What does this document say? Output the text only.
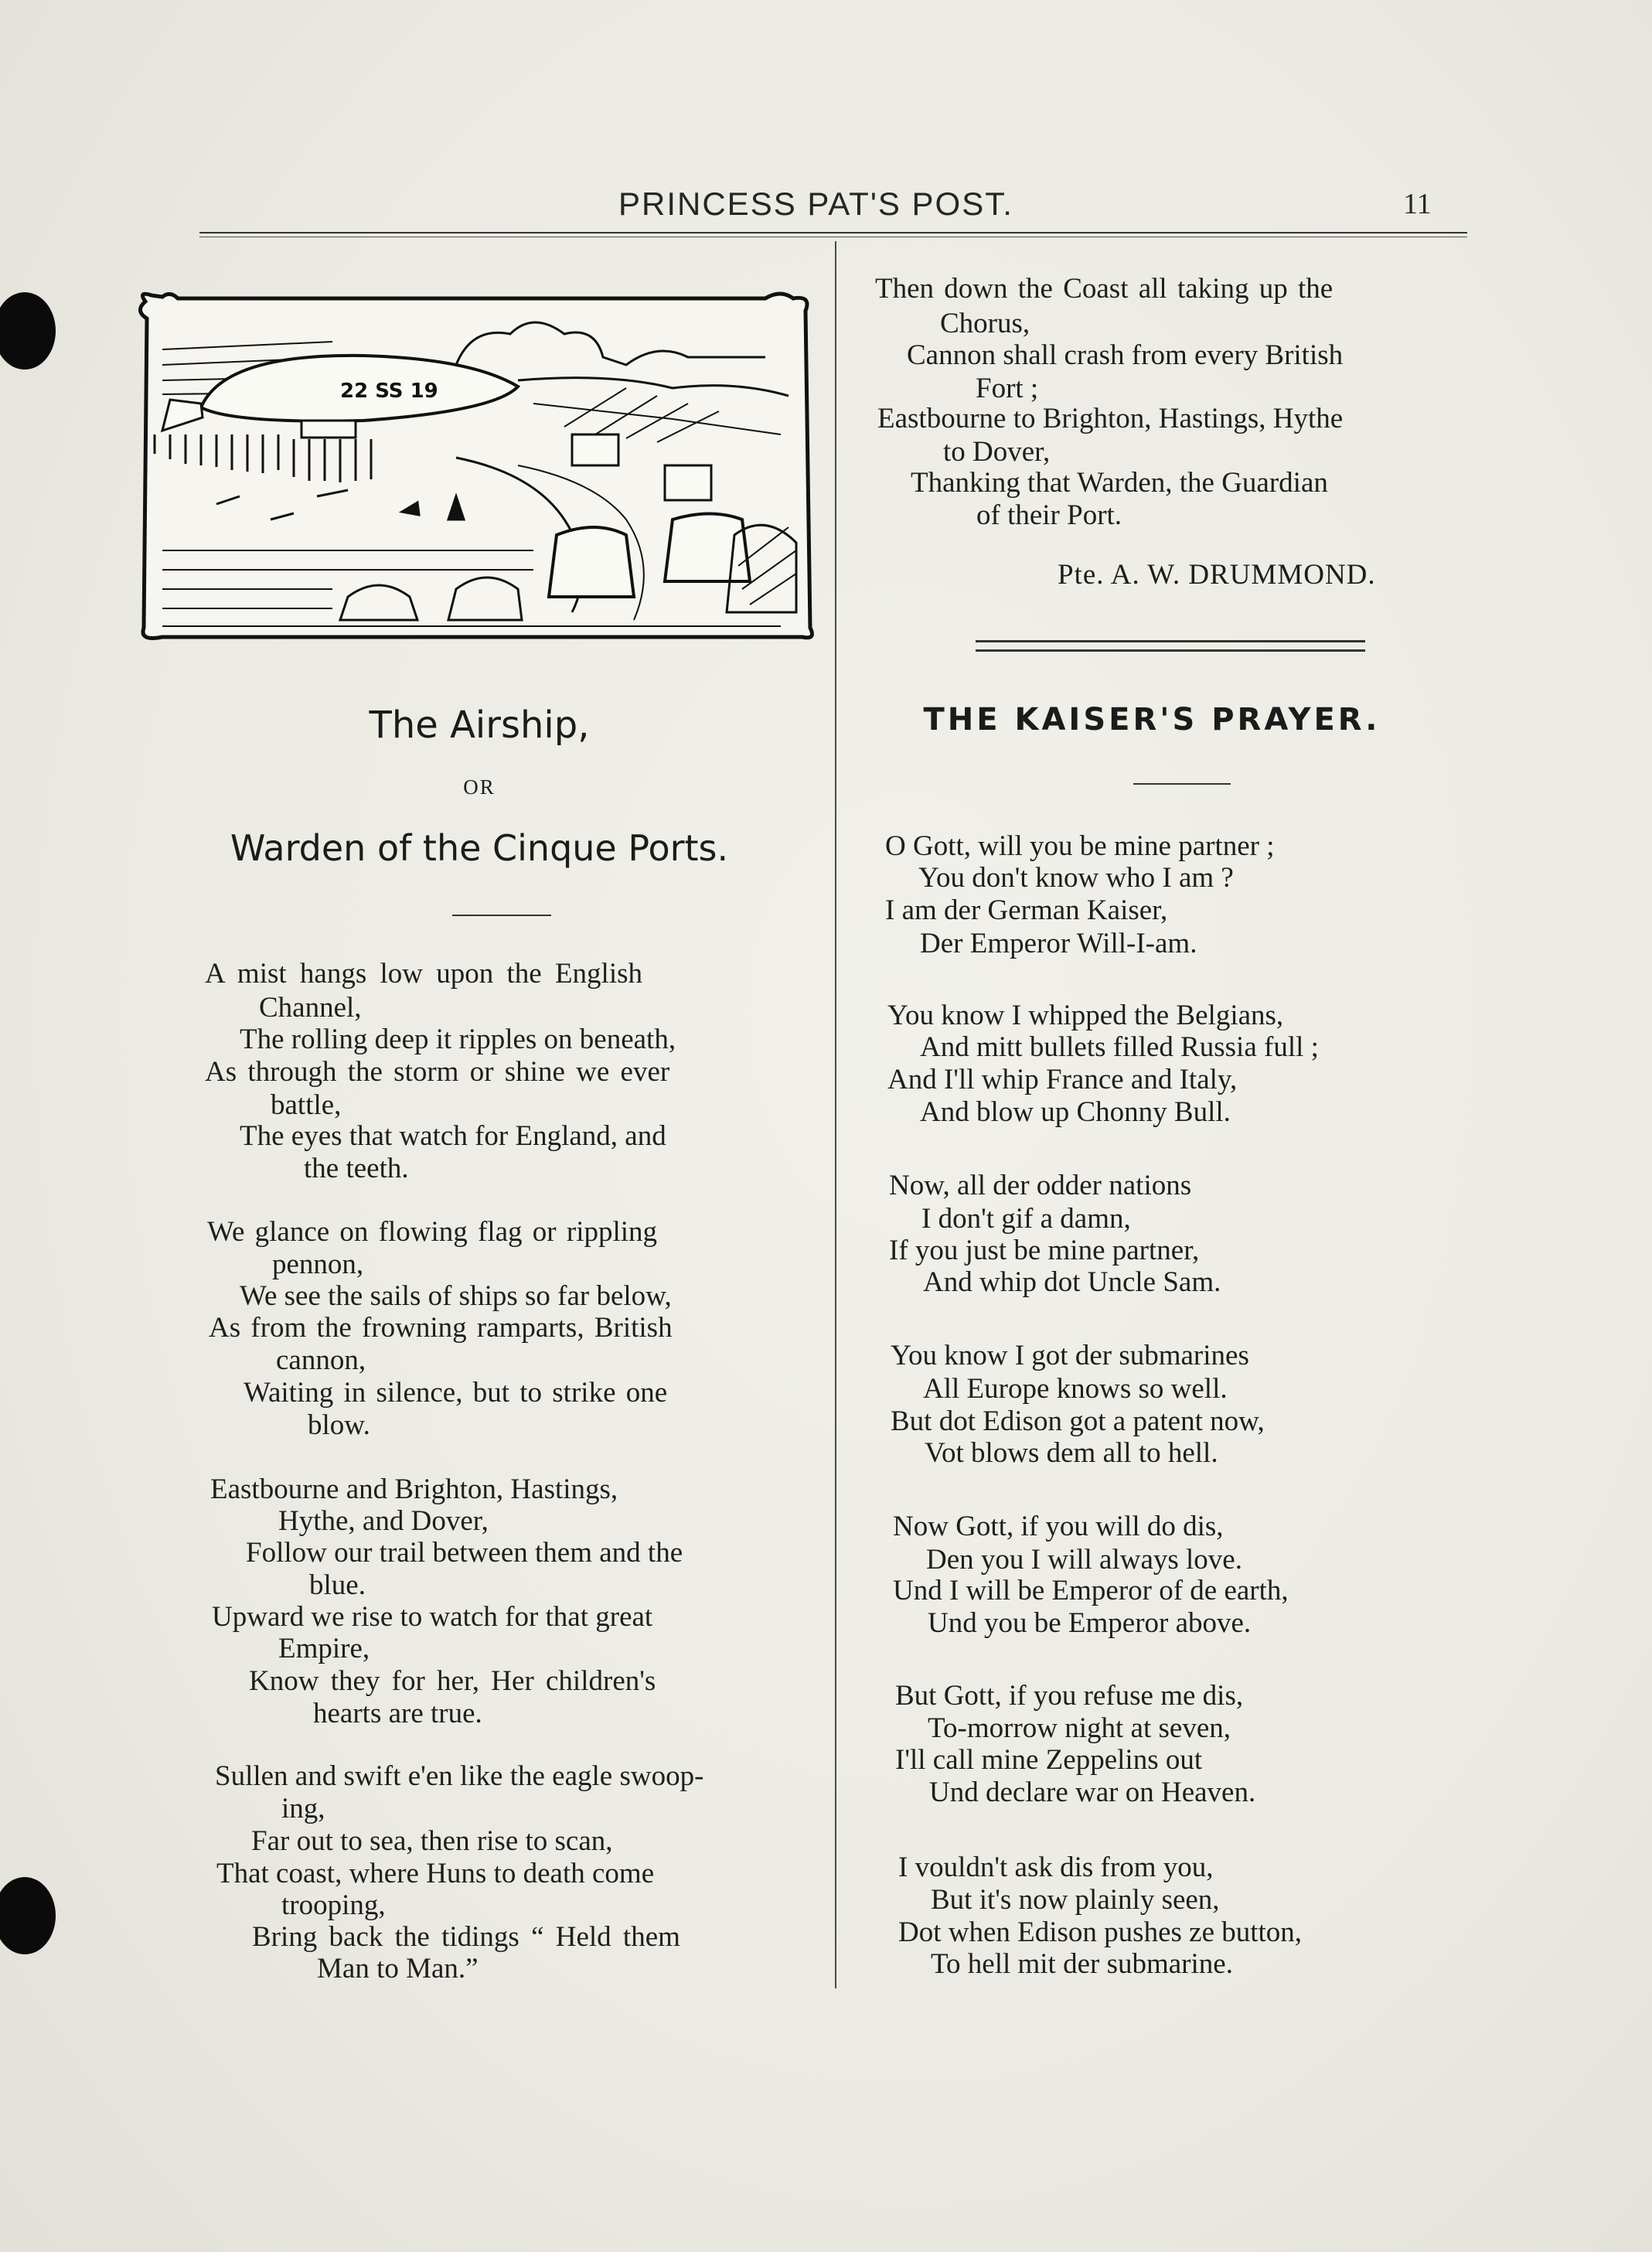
PRINCESS PAT'S POST.	11
22 SS 19
The Airship,
OR
Warden of the Cinque Ports.
A mist hangs low upon the English
Channel,
The rolling deep it ripples on beneath,
As through the storm or shine we ever
battle,
The eyes that watch for England, and
the teeth.
We glance on flowing flag or rippling
pennon,
We see the sails of ships so far below,
As from the frowning ramparts, British
cannon,
Waiting in silence, but to strike one
blow.
Eastbourne and Brighton, Hastings,
Hythe, and Dover,
Follow our trail between them and the
blue.
Upward we rise to watch for that great
Empire,
Know they for her, Her children's
hearts are true.
Sullen and swift e'en like the eagle swoop-
ing,
Far out to sea, then rise to scan,
That coast, where Huns to death come
trooping,
Bring back the tidings “ Held them
Man to Man.”
Then down the Coast all taking up the
Chorus,
Cannon shall crash from every British
Fort ;
Eastbourne to Brighton, Hastings, Hythe
to Dover,
Thanking that Warden, the Guardian
of their Port.
Pte. A. W. DRUMMOND.
THE KAISER'S PRAYER.
O Gott, will you be mine partner ;
You don't know who I am ?
I am der German Kaiser,
Der Emperor Will-I-am.
You know I whipped the Belgians,
And mitt bullets filled Russia full ;
And I'll whip France and Italy,
And blow up Chonny Bull.
Now, all der odder nations
I don't gif a damn,
If you just be mine partner,
And whip dot Uncle Sam.
You know I got der submarines
All Europe knows so well.
But dot Edison got a patent now,
Vot blows dem all to hell.
Now Gott, if you will do dis,
Den you I will always love.
Und I will be Emperor of de earth,
Und you be Emperor above.
But Gott, if you refuse me dis,
To-morrow night at seven,
I'll call mine Zeppelins out
Und declare war on Heaven.
I vouldn't ask dis from you,
But it's now plainly seen,
Dot when Edison pushes ze button,
To hell mit der submarine.
